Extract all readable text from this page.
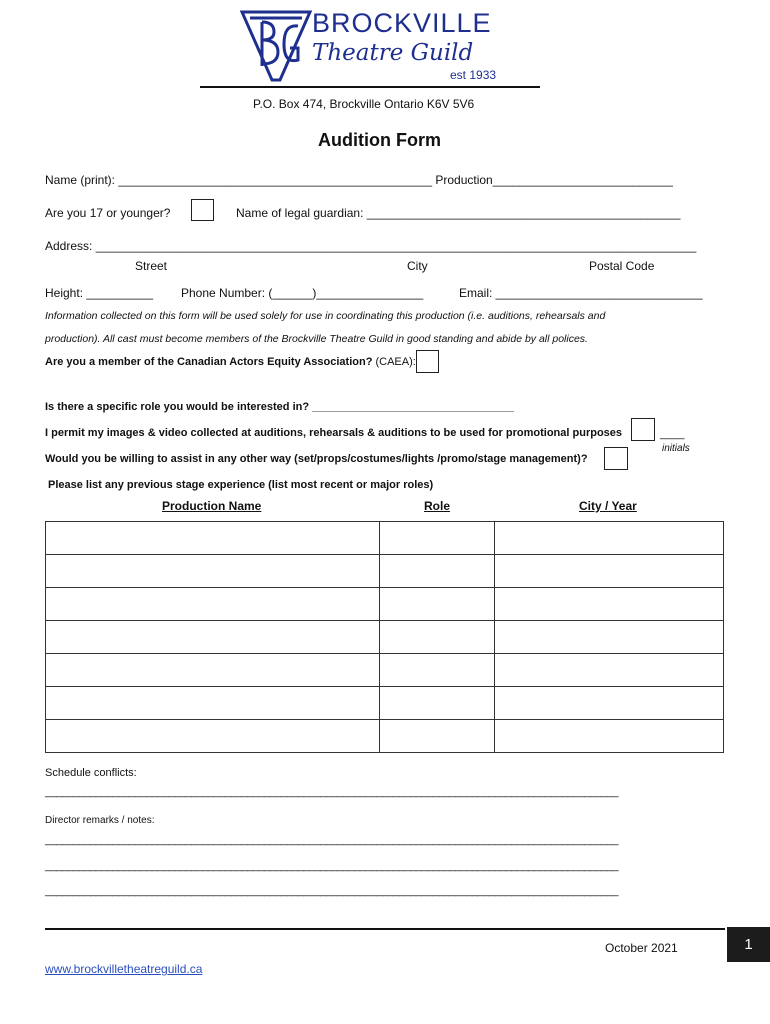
BROCKVILLE
Theatre Guild
est 1933
P.O. Box 474, Brockville Ontario K6V 5V6
Audition Form
Name (print): _______________________________________________ Production___________________________
Are you 17 or younger?	Name of legal guardian: _______________________________________________
Address: __________________________________________________________________________________________
Street	City	Postal Code
Height: __________ Phone Number: (______)________________	Email: _______________________________
Information collected on this form will be used solely for use in coordinating this production (i.e. auditions, rehearsals and
production). All cast must become members of the Brockville Theatre Guild in good standing and abide by all polices.
Are you a member of the Canadian Actors Equity Association? (CAEA):
Is there a specific role you would be interested in? _________________________________
I permit my images & video collected at auditions, rehearsals & auditions to be used for promotional purposes	____
initials
Would you be willing to assist in any other way (set/props/costumes/lights /promo/stage management)?
Please list any previous stage experience (list most recent or major roles)
Production Name	Role	City / Year

Schedule conflicts:
______________________________________________________________________________________________________
Director remarks / notes:
______________________________________________________________________________________________________
______________________________________________________________________________________________________
______________________________________________________________________________________________________
October 2021	1
www.brockvilletheatreguild.ca
